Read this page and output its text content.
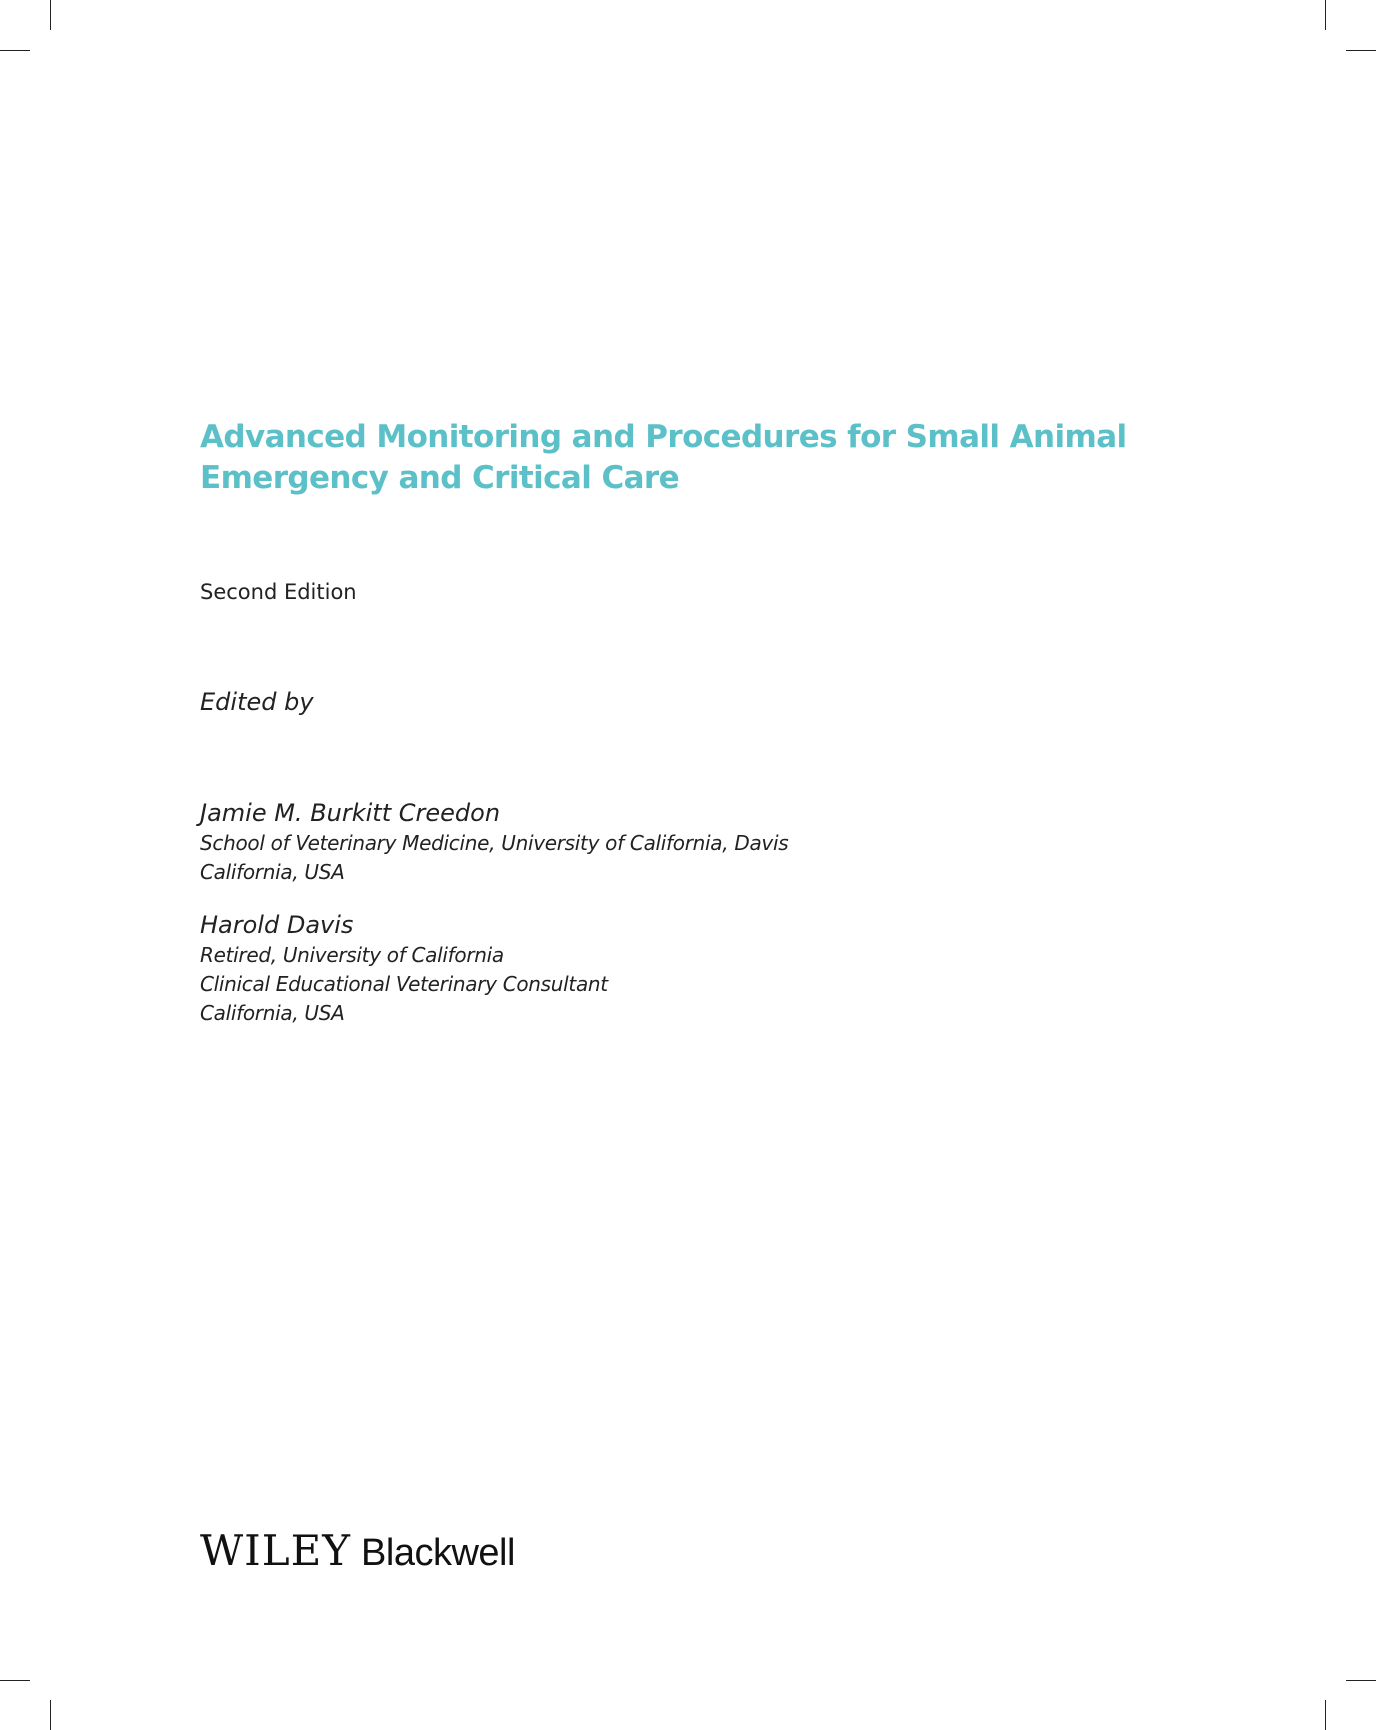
Advanced Monitoring and Procedures for Small Animal
Emergency and Critical Care
Second Edition
Edited by
Jamie M. Burkitt Creedon
School of Veterinary Medicine, University of California, Davis
California, USA
Harold Davis
Retired, University of California
Clinical Educational Veterinary Consultant
California, USA
WILEY Blackwell
